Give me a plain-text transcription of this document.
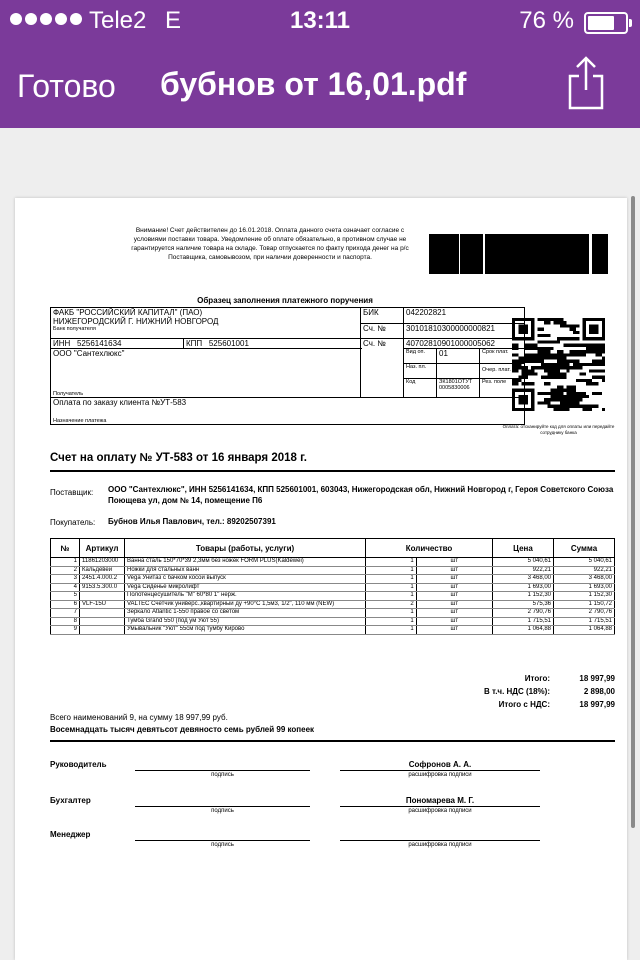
Tele2 E	13:11	76 %
Готово бубнов от 16,01.pdf
Внимание! Счет действителен до 16.01.2018. Оплата данного счета означает согласие с условиями поставки товара. Уведомление об оплате обязательно, в противном случае не гарантируется наличие товара на складе. Товар отпускается по факту прихода денег на р/с Поставщика, самовывозом, при наличии доверенности и паспорта.
Образец заполнения платежного поручения
ФАКБ "РОССИЙСКИЙ КАПИТАЛ" (ПАО)
НИЖЕГОРОДСКИЙ Г. НИЖНИЙ НОВГОРОД
Банк получателя		БИК	042202821		
		Сч. №	30101810300000000821		
ИНН 5256141634	КПП 525601001	Сч. №	40702810901000005062		

ООО "Сантехлюкс"
Получатель			Вид оп.	01	Срок плат.
			Наз. пл.		Очер. плат.
			Код	ЗК1801ОТУТ 0005830006	Рез. поле

Оплата по заказу клиента №УТ-583
Назначение платежа					
Оплата: отсканируйте код для оплаты или передайте сотруднику банка
Счет на оплату № УТ-583 от 16 января 2018 г.
Поставщик: ООО "Сантехлюкс", ИНН 5256141634, КПП 525601001, 603043, Нижегородская обл, Нижний Новгород г, Героя Советского Союза Поющева ул, дом № 14, помещение П6
Покупатель: Бубнов Илья Павлович, тел.: 89202507391
№	Артикул	Товары (работы, услуги)	Количество		Цена	Сумма
1	11861203000	Ванна сталь 150*70*39 2,3мм без ножек FORM PLUS(Kaldewei)	1	шт	5 040,61	5 040,61
2	Кальдевей	Ножки для стальных ванн	1	шт	922,21	922,21
3	2451.4.000.2	Vega Унитаз с бачком косой выпуск	1	шт	3 468,00	3 468,00
4	9153.5.300.0	Vega Сиденье микролифт	1	шт	1 693,00	1 693,00
5		Полотенцесушитель "М" 60*80 1" нерж.	1	шт	1 152,30	1 152,30
6	VLF-15U	VALTEC Счетчик универс.,квартирный ду +90°С 1,5м3, 1/2", 110 мм (NEW)	2	шт	575,36	1 150,72
7		Зеркало Atlantic 1-550 правое со светом	1	шт	2 790,76	2 790,76
8		Тумба Grand 550 (под ум Уют 55)	1	шт	1 715,51	1 715,51
9		Умывальник "Уют" 55см под тумбу Кирово	1	шт	1 064,88	1 064,88
Итого:	18 997,99
В т.ч. НДС (18%):	2 898,00
Итого с НДС:	18 997,99
Всего наименований 9, на сумму 18 997,99 руб.
Восемнадцать тысяч девятьсот девяносто семь рублей 99 копеек
Руководитель
подпись
Софронов А. А.
расшифровка подписи
Бухгалтер
подпись
Пономарева М. Г.
расшифровка подписи
Менеджер
подпись	расшифровка подписи
